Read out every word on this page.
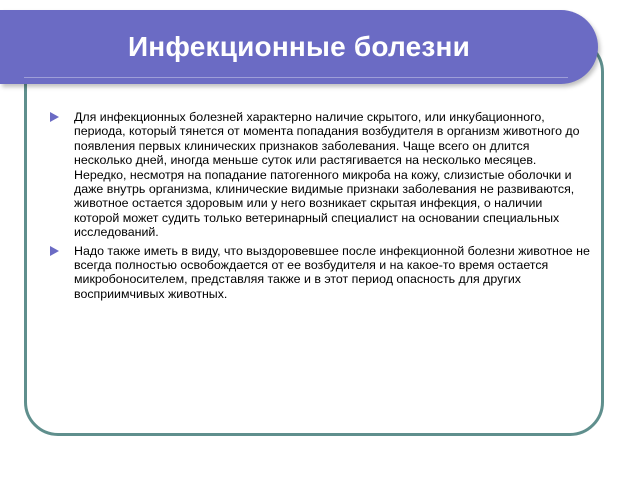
Инфекционные болезни

Для инфекционных болезней характерно наличие скрытого, или инкубационного, периода, который тянется от момента попадания возбудителя в организм животного до появления первых клинических признаков заболевания. Чаще всего он длится несколько дней, иногда меньше суток или растягивается на несколько месяцев. Нередко, несмотря на попадание патогенного микроба на кожу, слизистые оболочки и даже внутрь организма, клинические видимые признаки заболевания не развиваются, животное остается здоровым или у него возникает скрытая инфекция, о наличии которой может судить только ветеринарный специалист на основании специальных исследований.

Надо также иметь в виду, что выздоровевшее после инфекционной болезни животное не всегда полностью освобождается от ее возбудителя и на какое-то время остается микробоносителем, представляя также и в этот период опасность для других восприимчивых животных.
